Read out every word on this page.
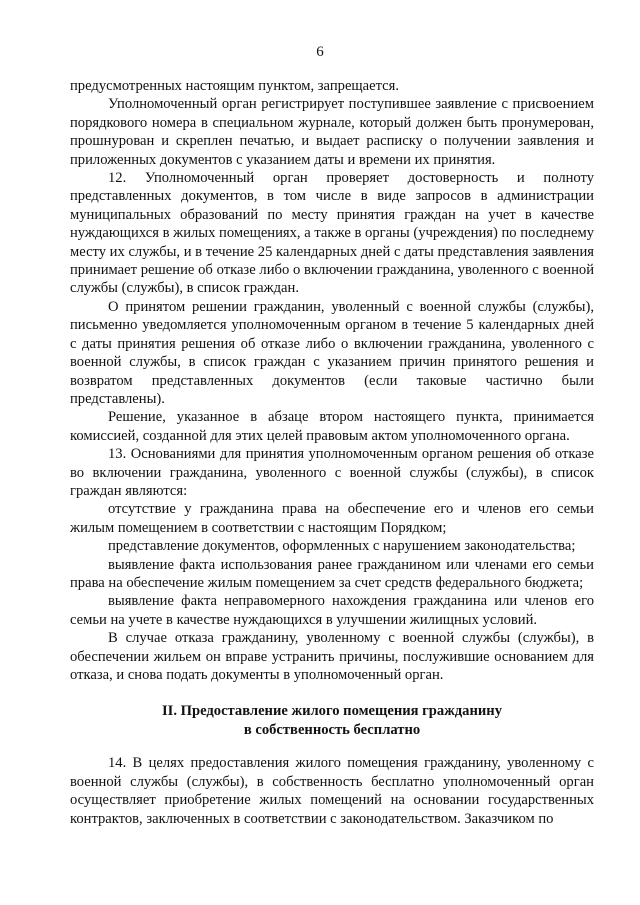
6

предусмотренных настоящим пунктом, запрещается.

Уполномоченный орган регистрирует поступившее заявление с присвоением порядкового номера в специальном журнале, который должен быть пронумерован, прошнурован и скреплен печатью, и выдает расписку о получении заявления и приложенных документов с указанием даты и времени их принятия.

12. Уполномоченный орган проверяет достоверность и полноту представленных документов, в том числе в виде запросов в администрации муниципальных образований по месту принятия граждан на учет в качестве нуждающихся в жилых помещениях, а также в органы (учреждения) по последнему месту их службы, и в течение 25 календарных дней с даты представления заявления принимает решение об отказе либо о включении гражданина, уволенного с военной службы (службы), в список граждан.

О принятом решении гражданин, уволенный с военной службы (службы), письменно уведомляется уполномоченным органом в течение 5 календарных дней с даты принятия решения об отказе либо о включении гражданина, уволенного с военной службы, в список граждан с указанием причин принятого решения и возвратом представленных документов (если таковые частично были представлены).

Решение, указанное в абзаце втором настоящего пункта, принимается комиссией, созданной для этих целей правовым актом уполномоченного органа.

13. Основаниями для принятия уполномоченным органом решения об отказе во включении гражданина, уволенного с военной службы (службы), в список граждан являются:

отсутствие у гражданина права на обеспечение его и членов его семьи жилым помещением в соответствии с настоящим Порядком;

представление документов, оформленных с нарушением законодательства;

выявление факта использования ранее гражданином или членами его семьи права на обеспечение жилым помещением за счет средств федерального бюджета;

выявление факта неправомерного нахождения гражданина или членов его семьи на учете в качестве нуждающихся в улучшении жилищных условий.

В случае отказа гражданину, уволенному с военной службы (службы), в обеспечении жильем он вправе устранить причины, послужившие основанием для отказа, и снова подать документы в уполномоченный орган.

II. Предоставление жилого помещения гражданину
в собственность бесплатно

14. В целях предоставления жилого помещения гражданину, уволенному с военной службы (службы), в собственность бесплатно уполномоченный орган осуществляет приобретение жилых помещений на основании государственных контрактов, заключенных в соответствии с законодательством. Заказчиком по
